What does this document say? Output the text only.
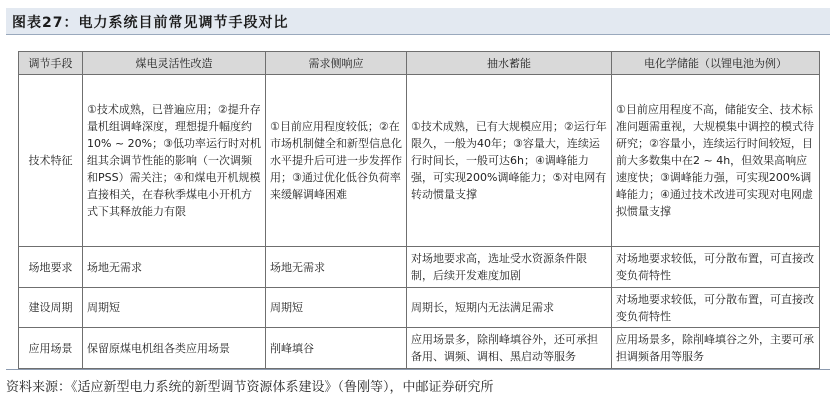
图表27：电力系统目前常见调节手段对比
调节手段	煤电灵活性改造	需求侧响应	抽水蓄能	电化学储能（以锂电池为例）
技术特征	①技术成熟，已普遍应用；②提升存量机组调峰深度，理想提升幅度约10% ~ 20%；③低功率运行时对机组其余调节性能的影响（一次调频和PSS）需关注；④和煤电开机规模直接相关，在春秋季煤电小开机方式下其释放能力有限	①目前应用程度较低；②在市场机制健全和新型信息化水平提升后可进一步发挥作用；③通过优化低谷负荷率来缓解调峰困难	①技术成熟，已有大规模应用；②运行年限久，一般为40年；③容量大，连续运行时间长，一般可达6h；④调峰能力强，可实现200%调峰能力；⑤对电网有转动惯量支撑	①目前应用程度不高，储能安全、技术标准问题需重视，大规模集中调控的模式待研究；②容量小，连续运行时间较短，目前大多数集中在2 ~ 4h，但效果高响应速度快；③调峰能力强，可实现200%调峰能力；④通过技术改进可实现对电网虚拟惯量支撑
场地要求	场地无需求	场地无需求	对场地要求高，选址受水资源条件限制，后续开发难度加剧	对场地要求较低，可分散布置，可直接改变负荷特性
建设周期	周期短	周期短	周期长，短期内无法满足需求	对场地要求较低，可分散布置，可直接改变负荷特性
应用场景	保留原煤电机组各类应用场景	削峰填谷	应用场景多，除削峰填谷外，还可承担备用、调频、调相、黑启动等服务	应用场景多，除削峰填谷之外，主要可承担调频备用等服务
资料来源：《适应新型电力系统的新型调节资源体系建设》（鲁刚等），中邮证券研究所
